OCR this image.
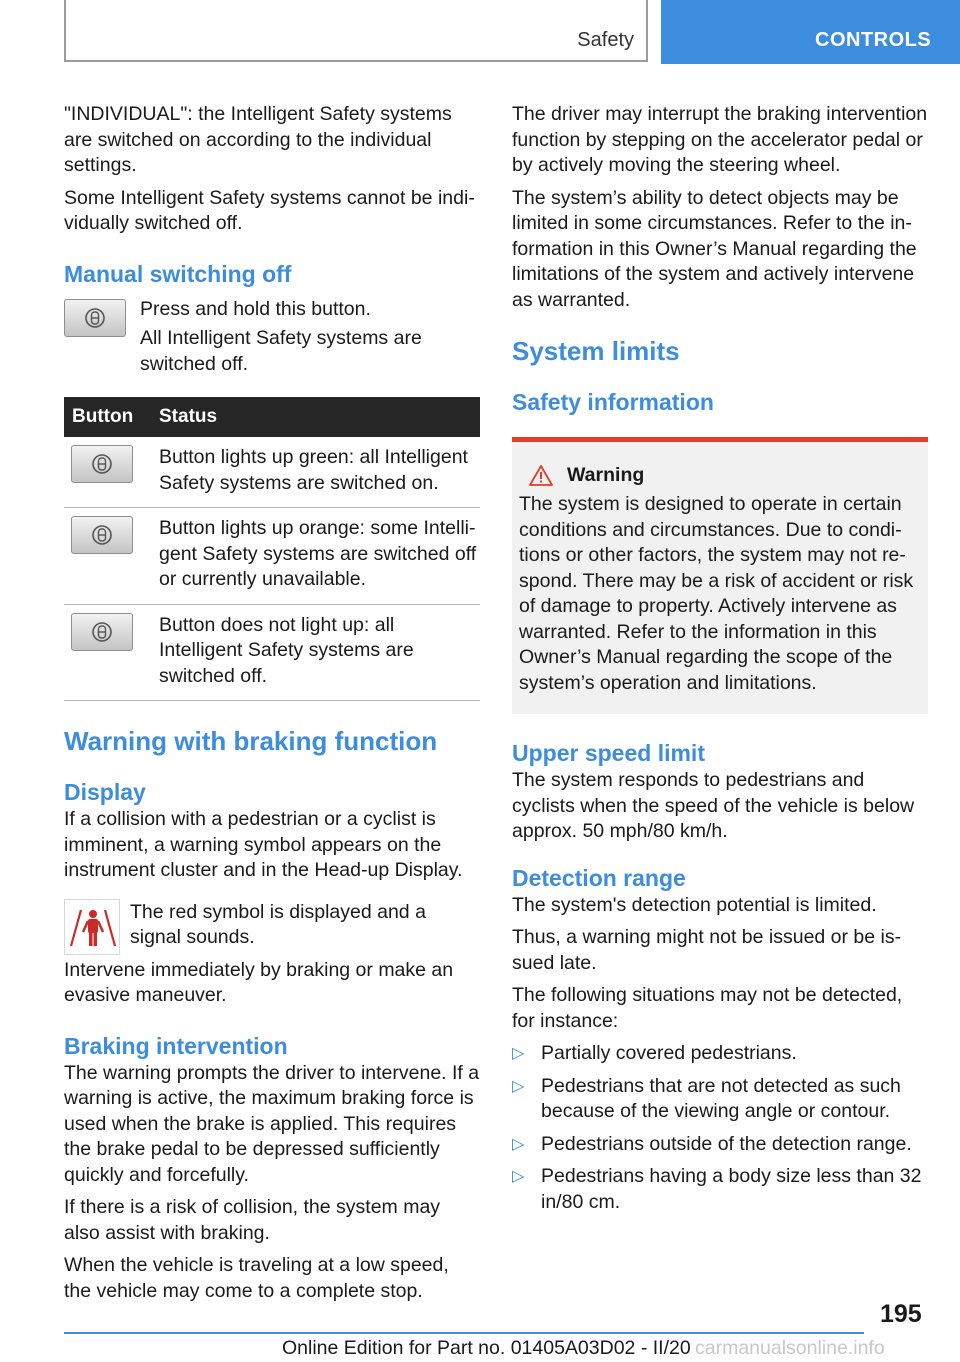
Safety	CONTROLS

"INDIVIDUAL": the Intelligent Safety systems are switched on according to the individual settings.

Some Intelligent Safety systems cannot be individually switched off.

Manual switching off

Press and hold this button.

All Intelligent Safety systems are switched off.

Button	Status

	Button lights up green: all Intelligent Safety systems are switched on.

	Button lights up orange: some Intelligent Safety systems are switched off or currently unavailable.

	Button does not light up: all Intelligent Safety systems are switched off.
Warning with braking function
Display

If a collision with a pedestrian or a cyclist is imminent, a warning symbol appears on the instrument cluster and in the Head-up Display.

The red symbol is displayed and a signal sounds.

Intervene immediately by braking or make an evasive maneuver.

Braking intervention

The warning prompts the driver to intervene. If a warning is active, the maximum braking force is used when the brake is applied. This requires the brake pedal to be depressed sufficiently quickly and forcefully.

If there is a risk of collision, the system may also assist with braking.

When the vehicle is traveling at a low speed, the vehicle may come to a complete stop.

The driver may interrupt the braking intervention function by stepping on the accelerator pedal or by actively moving the steering wheel.

The system’s ability to detect objects may be limited in some circumstances. Refer to the information in this Owner’s Manual regarding the limitations of the system and actively intervene as warranted.

System limits
Safety information
Warning

The system is designed to operate in certain conditions and circumstances. Due to conditions or other factors, the system may not respond. There may be a risk of accident or risk of damage to property. Actively intervene as warranted. Refer to the information in this Owner’s Manual regarding the scope of the system’s operation and limitations.

Upper speed limit

The system responds to pedestrians and cyclists when the speed of the vehicle is below approx. 50 mph/80 km/h.

Detection range

The system's detection potential is limited.

Thus, a warning might not be issued or be issued late.

The following situations may not be detected, for instance:

▷ Partially covered pedestrians.
▷ Pedestrians that are not detected as such because of the viewing angle or contour.
▷ Pedestrians outside of the detection range.
▷ Pedestrians having a body size less than 32 in/80 cm.
195
Online Edition for Part no. 01405A03D02 - II/20 carmanualsonline.info
